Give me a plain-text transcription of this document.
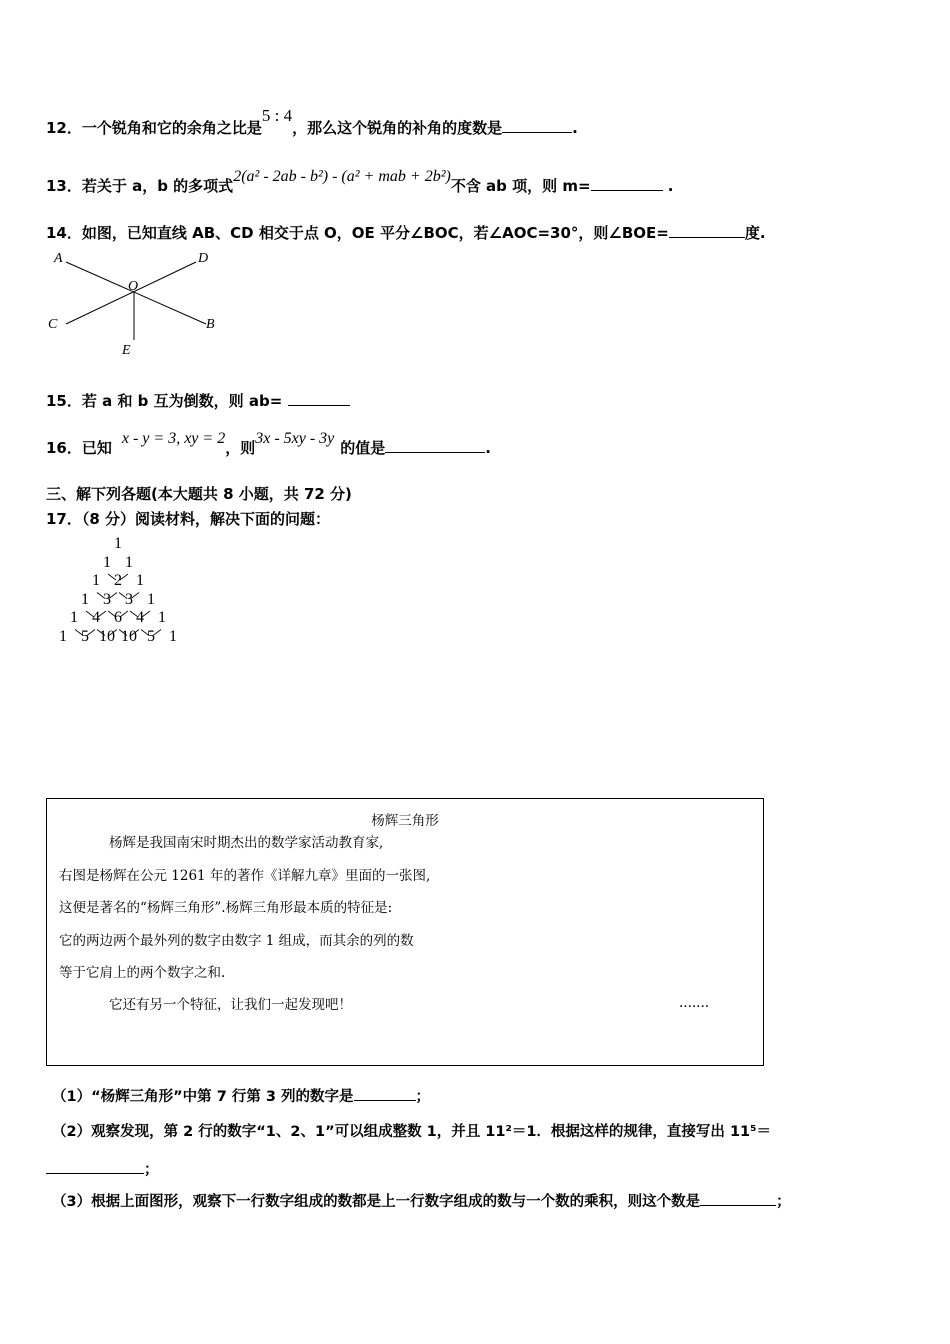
12．一个锐角和它的余角之比是5 : 4，那么这个锐角的补角的度数是	.
13．若关于 a，b 的多项式2(a² - 2ab - b²) - (a² + mab + 2b²)不含 ab 项，则 m=	.
14．如图，已知直线 AB、CD 相交于点 O，OE 平分∠BOC，若∠AOC=30°，则∠BOE=	度.
A	D
C	B
O
E
15．若 a 和 b 互为倒数，则 ab=
16．已知x - y = 3, xy = 2，则3x - 5xy - 3y的值是	.
三、解下列各题(本大题共 8 小题，共 72 分)
17．（8 分）阅读材料，解决下面的问题：
1
1 1
1 2 1
1 3 3 1
1 4 6 4 1
1 5 10 10 5 1
杨辉三角形
杨辉是我国南宋时期杰出的数学家活动教育家,
右图是杨辉在公元 1261 年的著作《详解九章》里面的一张图,
这便是著名的“杨辉三角形”.杨辉三角形最本质的特征是:
它的两边两个最外列的数字由数字 1 组成，而其余的列的数
等于它肩上的两个数字之和.
它还有另一个特征，让我们一起发现吧！	.......
（1）“杨辉三角形”中第 7 行第 3 列的数字是	；
（2）观察发现，第 2 行的数字“1、2、1”可以组成整数 1，并且 11²＝1．根据这样的规律，直接写出 11⁵＝
；
（3）根据上面图形，观察下一行数字组成的数都是上一行数字组成的数与一个数的乘积，则这个数是	；
